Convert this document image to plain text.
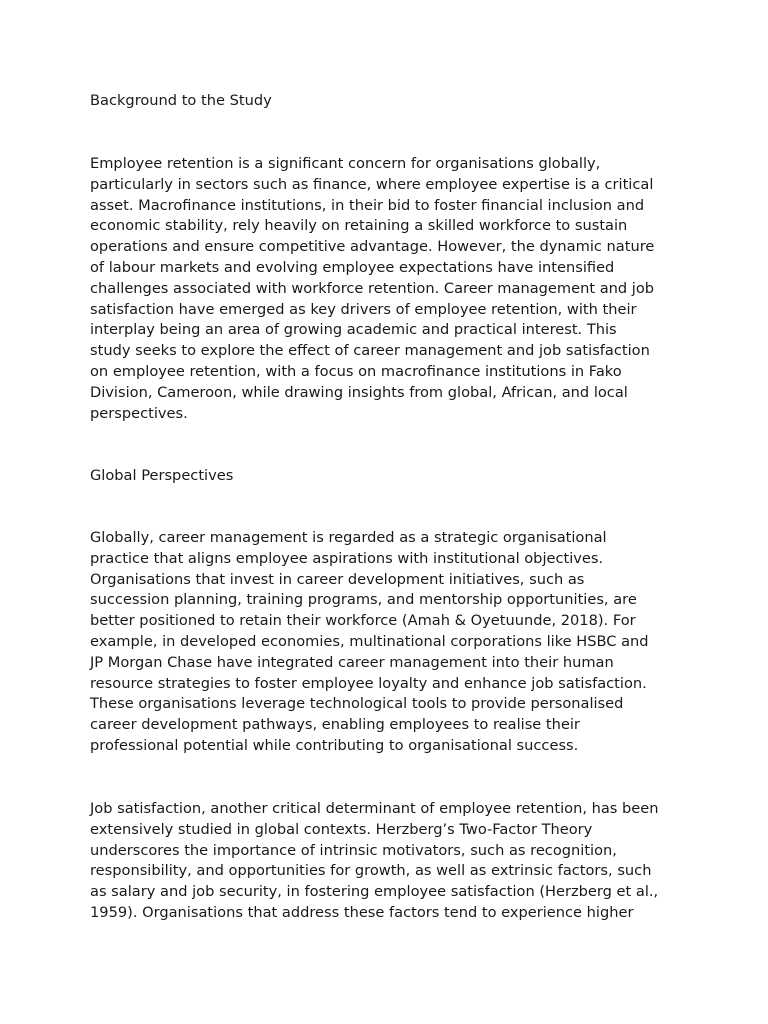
Background to the Study

Employee retention is a significant concern for organisations globally,
particularly in sectors such as finance, where employee expertise is a critical
asset. Macrofinance institutions, in their bid to foster financial inclusion and
economic stability, rely heavily on retaining a skilled workforce to sustain
operations and ensure competitive advantage. However, the dynamic nature
of labour markets and evolving employee expectations have intensified
challenges associated with workforce retention. Career management and job
satisfaction have emerged as key drivers of employee retention, with their
interplay being an area of growing academic and practical interest. This
study seeks to explore the effect of career management and job satisfaction
on employee retention, with a focus on macrofinance institutions in Fako
Division, Cameroon, while drawing insights from global, African, and local
perspectives.

Global Perspectives

Globally, career management is regarded as a strategic organisational
practice that aligns employee aspirations with institutional objectives.
Organisations that invest in career development initiatives, such as
succession planning, training programs, and mentorship opportunities, are
better positioned to retain their workforce (Amah & Oyetuunde, 2018). For
example, in developed economies, multinational corporations like HSBC and
JP Morgan Chase have integrated career management into their human
resource strategies to foster employee loyalty and enhance job satisfaction.
These organisations leverage technological tools to provide personalised
career development pathways, enabling employees to realise their
professional potential while contributing to organisational success.

Job satisfaction, another critical determinant of employee retention, has been
extensively studied in global contexts. Herzberg’s Two-Factor Theory
underscores the importance of intrinsic motivators, such as recognition,
responsibility, and opportunities for growth, as well as extrinsic factors, such
as salary and job security, in fostering employee satisfaction (Herzberg et al.,
1959). Organisations that address these factors tend to experience higher
